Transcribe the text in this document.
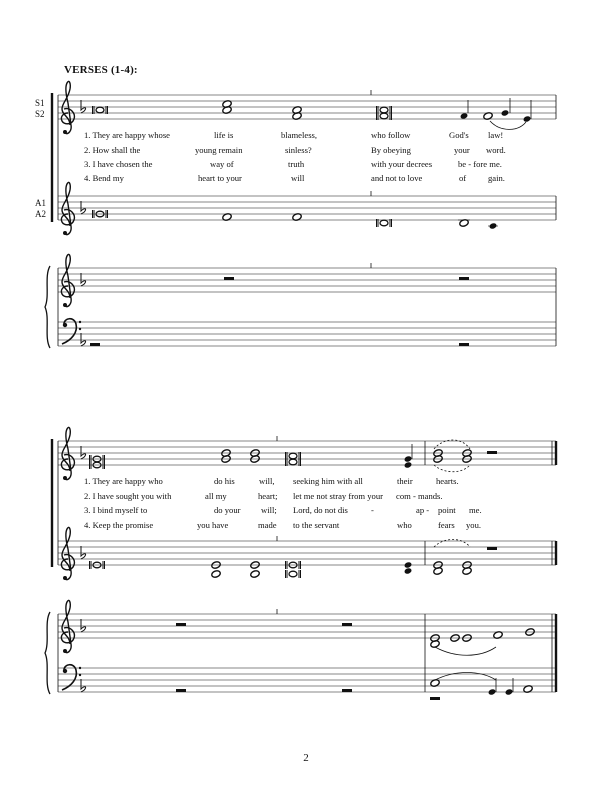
VERSES (1-4):
S1
S2
A1
A2
1. They are happy whose	life is	blameless,	who follow	God's law!
2. How shall the	young remain	sinless?	By obeying	your word.
3. I have chosen the	way of	truth	with your decrees	be - fore me.
4. Bend my	heart to your	will	and not to love	of	gain.
1. They are happy who	do his	will, seeking him with all	their	hearts.
2. I have sought you with	all my	heart; let me not stray from your com - mands.
3. I bind myself to	do your will; Lord, do not dis	-	ap - point me.
4. Keep the promise	you have	made to the servant	who	fears you.
2
